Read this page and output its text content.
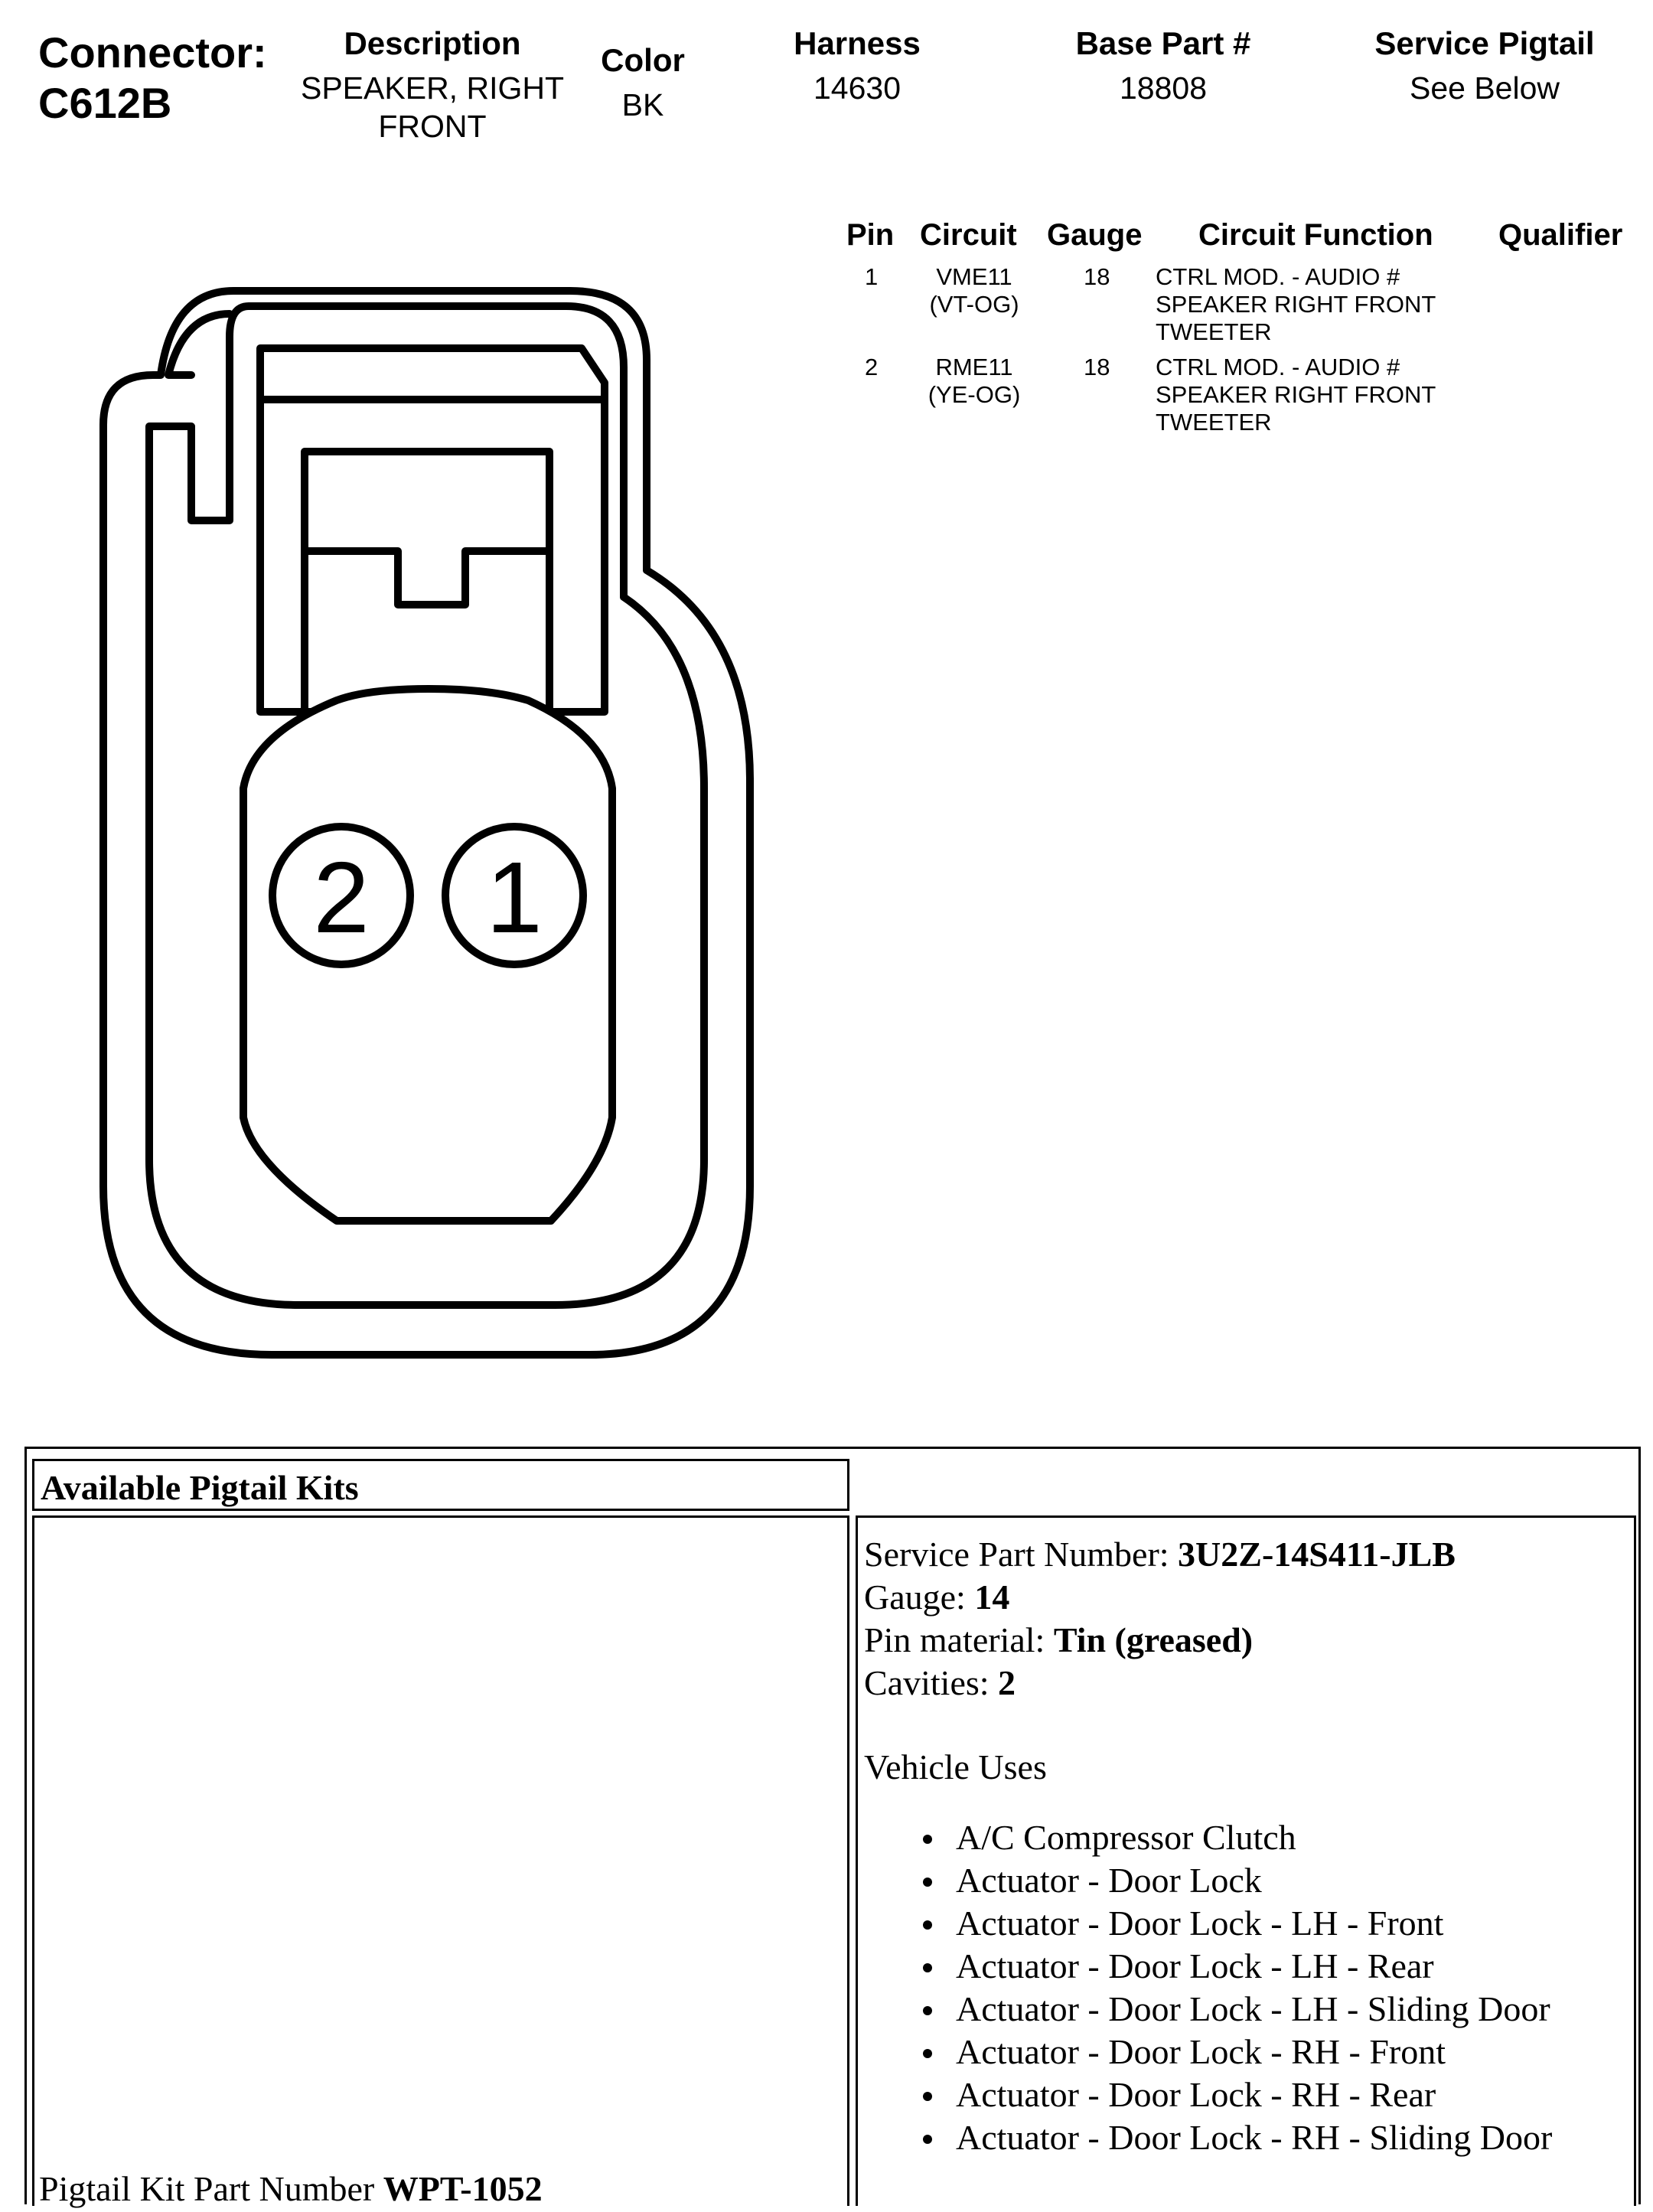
Connector:
C612B
Description
SPEAKER, RIGHT
FRONT
Color
BK
Harness
14630
Base Part #
18808
Service Pigtail
See Below
Pin Circuit Gauge Circuit Function Qualifier
1	VME11
(VT-OG)
18 CTRL MOD. - AUDIO #
SPEAKER RIGHT FRONT
TWEETER
2	RME11
(YE-OG)
18 CTRL MOD. - AUDIO #
SPEAKER RIGHT FRONT
TWEETER
2 1
Available Pigtail Kits
Pigtail Kit Part Number WPT-1052
Service Part Number: 3U2Z-14S411-JLB
Gauge: 14
Pin material: Tin (greased)
Cavities: 2
Vehicle Uses
A/C Compressor Clutch
Actuator - Door Lock
Actuator - Door Lock - LH - Front
Actuator - Door Lock - LH - Rear
Actuator - Door Lock - LH - Sliding Door
Actuator - Door Lock - RH - Front
Actuator - Door Lock - RH - Rear
Actuator - Door Lock - RH - Sliding Door
